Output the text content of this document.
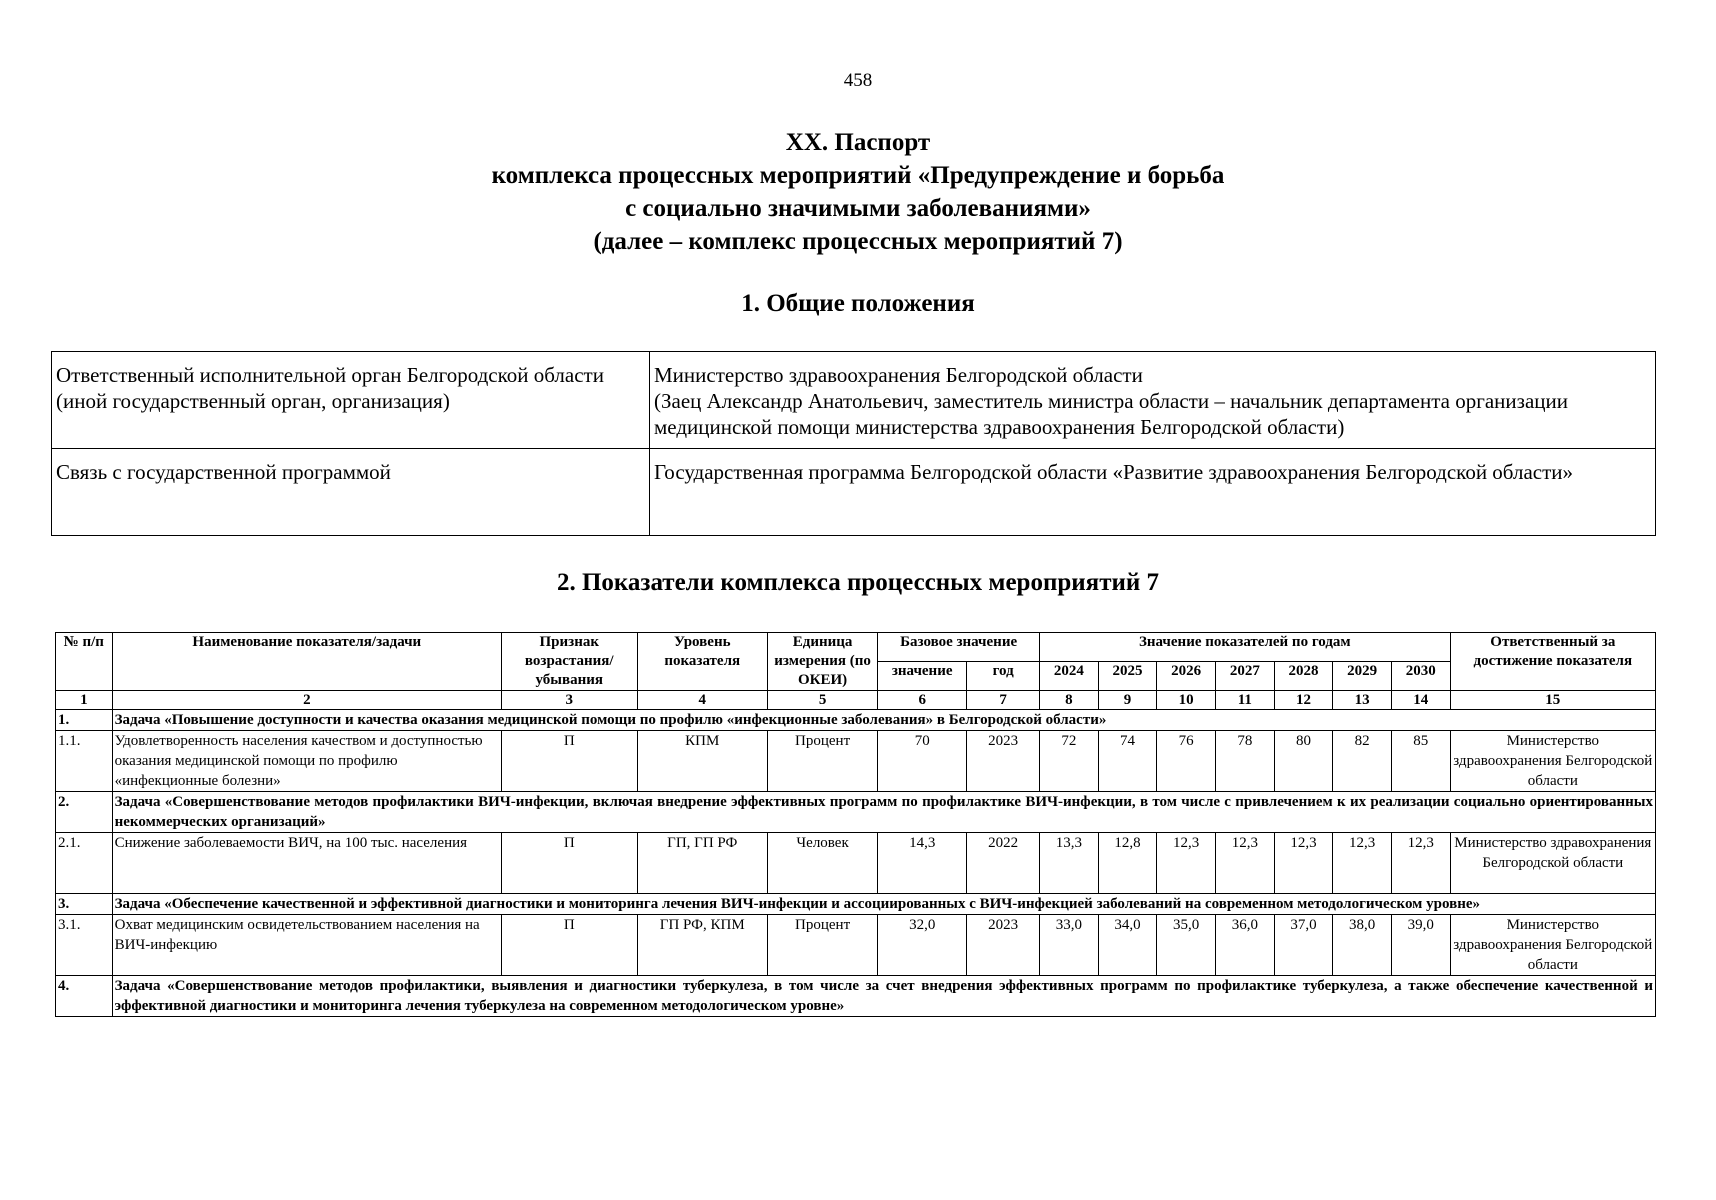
458
XX. Паспорт
комплекса процессных мероприятий «Предупреждение и борьба
с социально значимыми заболеваниями»
(далее – комплекс процессных мероприятий 7)
1. Общие положения
Ответственный исполнительной орган Белгородской области (иной государственный орган, организация)	Министерство здравоохранения Белгородской области
(Заец Александр Анатольевич, заместитель министра области – начальник департамента организации медицинской помощи министерства здравоохранения Белгородской области)

Связь с государственной программой	Государственная программа Белгородской области «Развитие здравоохранения Белгородской области»
2. Показатели комплекса процессных мероприятий 7
№ п/п	Наименование показателя/задачи	Признак возрастания/ убывания	Уровень показателя	Единица измерения (по ОКЕИ)	Базовое значение		Значение показателей по годам							Ответственный за достижение показателя
					значение	год	2024	2025	2026	2027	2028	2029	2030	
1	2	3	4	5	6	7	8	9	10	11	12	13	14	15
1.	Задача «Повышение доступности и качества оказания медицинской помощи по профилю «инфекционные заболевания» в Белгородской области»													
1.1.	Удовлетворенность населения качеством и доступностью оказания медицинской помощи по профилю «инфекционные болезни»	П	КПМ	Процент	70	2023	72	74	76	78	80	82	85	Министерство здравоохранения Белгородской области
2.	Задача «Совершенствование методов профилактики ВИЧ-инфекции, включая внедрение эффективных программ по профилактике ВИЧ-инфекции, в том числе с привлечением к их реализации социально ориентированных некоммерческих организаций»													
2.1.	Снижение заболеваемости ВИЧ, на 100 тыс. населения	П	ГП, ГП РФ	Человек	14,3	2022	13,3	12,8	12,3	12,3	12,3	12,3	12,3	Министерство здравохранения Белгородской области
3.	Задача «Обеспечение качественной и эффективной диагностики и мониторинга лечения ВИЧ-инфекции и ассоциированных с ВИЧ-инфекцией заболеваний на современном методологическом уровне»													
3.1.	Охват медицинским освидетельствованием населения на ВИЧ-инфекцию	П	ГП РФ, КПМ	Процент	32,0	2023	33,0	34,0	35,0	36,0	37,0	38,0	39,0	Министерство здравоохранения Белгородской области
4.	Задача «Совершенствование методов профилактики, выявления и диагностики туберкулеза, в том числе за счет внедрения эффективных программ по профилактике туберкулеза, а также обеспечение качественной и эффективной диагностики и мониторинга лечения туберкулеза на современном методологическом уровне»													
